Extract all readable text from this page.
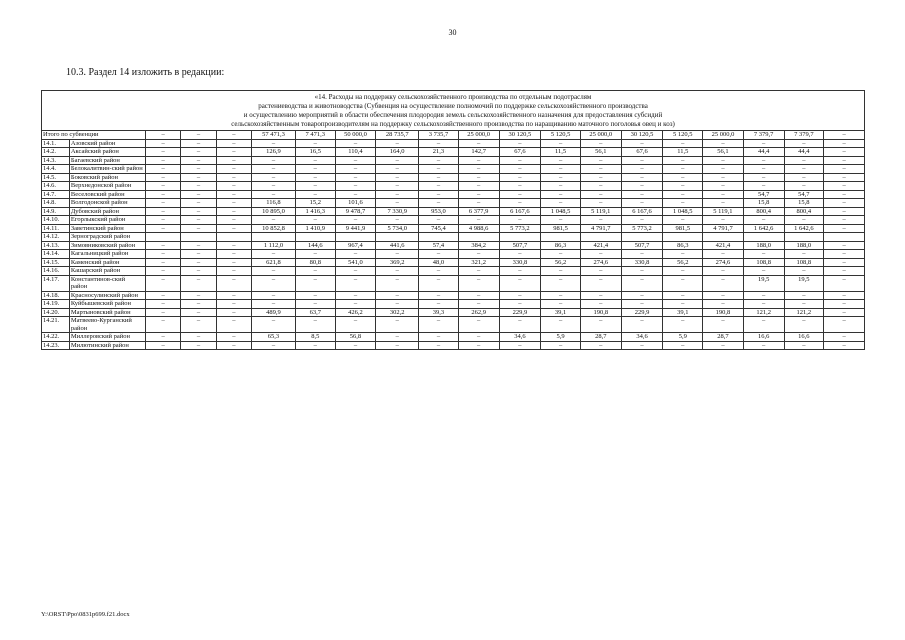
30
10.3. Раздел 14 изложить в редакции:
«14. Расходы на поддержку сельскохозяйственного производства по отдельным подотраслям
растениеводства и животноводства (Субвенция на осуществление полномочий по поддержке сельскохозяйственного производства
и осуществлению мероприятий в области обеспечения плодородия земель сельскохозяйственного назначения для предоставления субсидий
сельскохозяйственным товаропроизводителям на поддержку сельскохозяйственного производства по наращиванию маточного поголовья овец и коз)																			

Итого по субвенции		–	–	–	57 471,3	7 471,3	50 000,0	28 735,7	3 735,7	25 000,0	30 120,5	5 120,5	25 000,0	30 120,5	5 120,5	25 000,0	7 379,7	7 379,7	–
14.1.	Азовский район	–	–	–	–	–	–	–	–	–	–	–	–	–	–	–	–	–	–
14.2.	Аксайский район	–	–	–	126,9	16,5	110,4	164,0	21,3	142,7	67,6	11,5	56,1	67,6	11,5	56,1	44,4	44,4	–
14.3.	Багаевский район	–	–	–	–	–	–	–	–	–	–	–	–	–	–	–	–	–	–
14.4.	Белокалитвин-ский район	–	–	–	–	–	–	–	–	–	–	–	–	–	–	–	–	–	–
14.5.	Боковский район	–	–	–	–	–	–	–	–	–	–	–	–	–	–	–	–	–	–
14.6.	Верхнедонской район	–	–	–	–	–	–	–	–	–	–	–	–	–	–	–	–	–	–
14.7.	Веселовский район	–	–	–	–	–	–	–	–	–	–	–	–	–	–	–	54,7	54,7	–
14.8.	Волгодонской район	–	–	–	116,8	15,2	101,6	–	–	–	–	–	–	–	–	–	15,8	15,8	–
14.9.	Дубовский район	–	–	–	10 895,0	1 416,3	9 478,7	7 330,9	953,0	6 377,9	6 167,6	1 048,5	5 119,1	6 167,6	1 048,5	5 119,1	800,4	800,4	–
14.10.	Егорлыкский район	–	–	–	–	–	–	–	–	–	–	–	–	–	–	–	–	–	–
14.11.	Заветинский район	–	–	–	10 852,8	1 410,9	9 441,9	5 734,0	745,4	4 988,6	5 773,2	981,5	4 791,7	5 773,2	981,5	4 791,7	1 642,6	1 642,6	–
14.12.	Зерноградский район																		
14.13.	Зимовниковский район	–	–	–	1 112,0	144,6	967,4	441,6	57,4	384,2	507,7	86,3	421,4	507,7	86,3	421,4	188,0	188,0	–
14.14.	Кагальницкий район	–	–	–	–	–	–	–	–	–	–	–	–	–	–	–	–	–	–
14.15.	Каменский район	–	–	–	621,8	80,8	541,0	369,2	48,0	321,2	330,8	56,2	274,6	330,8	56,2	274,6	108,8	108,8	–
14.16.	Кашарский район	–	–	–	–	–	–	–	–	–	–	–	–	–	–	–	–	–	–
14.17.	Константинов-ский район	–	–	–	–	–	–	–	–	–	–	–	–	–	–	–	19,5	19,5	–
14.18.	Красносулинский район	–	–	–	–	–	–	–	–	–	–	–	–	–	–	–	–	–	–
14.19.	Куйбышевский район	–	–	–	–	–	–	–	–	–	–	–	–	–	–	–	–	–	–
14.20.	Мартыновский район	–	–	–	489,9	63,7	426,2	302,2	39,3	262,9	229,9	39,1	190,8	229,9	39,1	190,8	121,2	121,2	–
14.21.	Матвеево-Курганский район	–	–	–	–	–	–	–	–	–	–	–	–	–	–	–	–	–	–
14.22.	Миллеровский район	–	–	–	65,3	8,5	56,8	–	–	–	34,6	5,9	28,7	34,6	5,9	28,7	16,6	16,6	–
14.23.	Милютинский район	–	–	–	–	–	–	–	–	–	–	–	–	–	–	–	–	–	–
Y:\ORST\Ppo\0831p699.f21.docx
